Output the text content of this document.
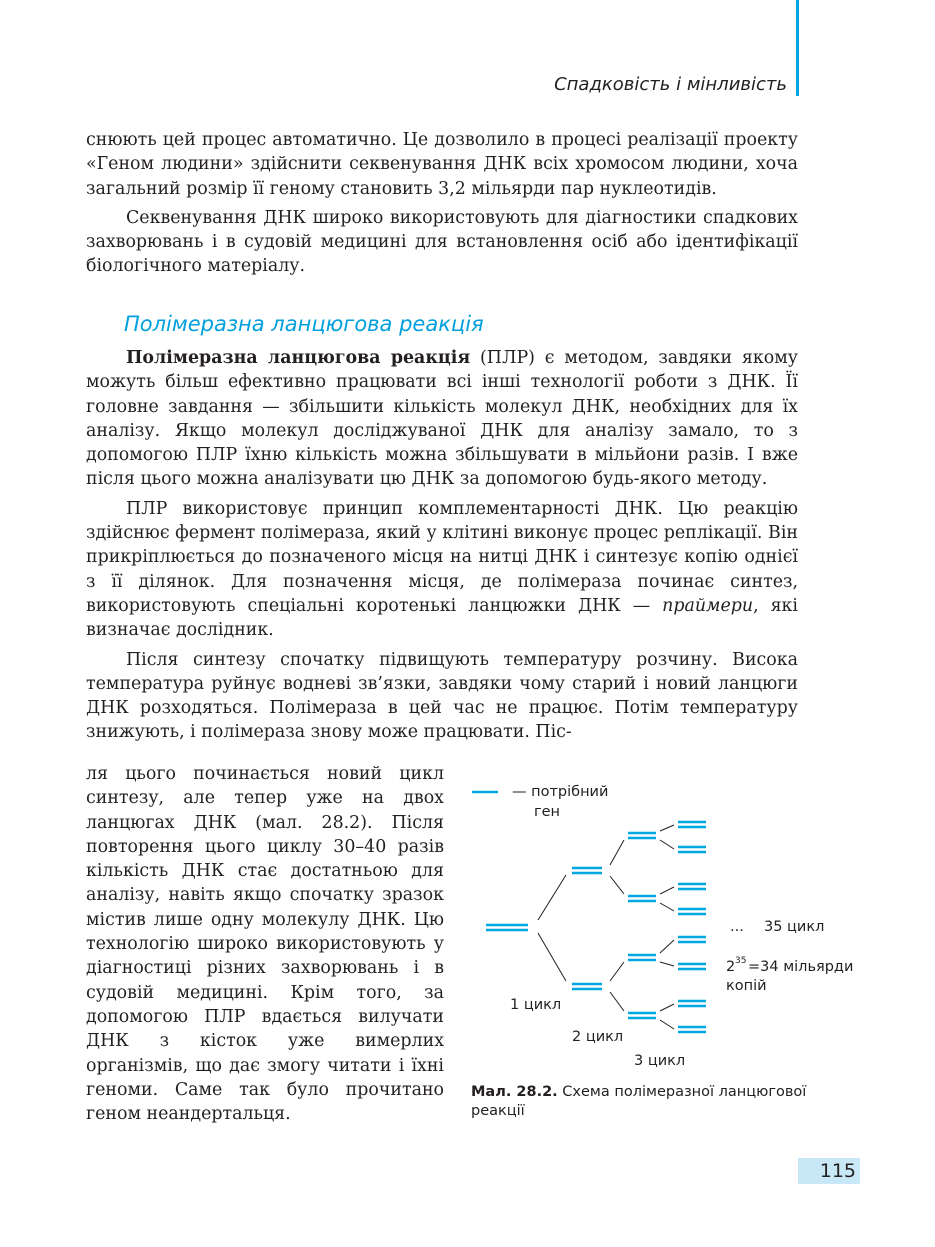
Спадковість і мінливість

снюють цей процес автоматично. Це дозволило в процесі реалізації проекту «Геном людини» здійснити секвенування ДНК всіх хромосом людини, хоча загальний розмір її геному становить 3,2 мільярди пар нуклеотидів.

Секвенування ДНК широко використовують для діагностики спадкових захворювань і в судовій медицині для встановлення осіб або ідентифікації біологічного матеріалу.

Полімеразна ланцюгова реакція

Полімеразна ланцюгова реакція (ПЛР) є методом, завдяки якому можуть більш ефективно працювати всі інші технології роботи з ДНК. Її головне завдання — збільшити кількість молекул ДНК, необхідних для їх аналізу. Якщо молекул досліджуваної ДНК для аналізу замало, то з допомогою ПЛР їхню кількість можна збільшувати в мільйони разів. І вже після цього можна аналізувати цю ДНК за допомогою будь-якого методу.

ПЛР використовує принцип комплементарності ДНК. Цю реакцію здійснює фермент полімераза, який у клітині виконує процес реплікації. Він прикріплюється до позначеного місця на нитці ДНК і синтезує копію однієї з її ділянок. Для позначення місця, де полімераза починає синтез, використовують спеціальні коротенькі ланцюжки ДНК — праймери, які визначає дослідник.

Після синтезу спочатку підвищують температуру розчину. Висока температура руйнує водневі зв’язки, завдяки чому старий і новий ланцюги ДНК розходяться. Полімераза в цей час не працює. Потім температуру знижують, і полімераза знову може працювати. Піс-

ля цього починається новий цикл синтезу, але тепер уже на двох ланцюгах ДНК (мал. 28.2). Після повторення цього циклу 30–40 разів кількість ДНК стає достатньою для аналізу, навіть якщо спочатку зразок містив лише одну молекулу ДНК. Цю технологію широко використовують у діагностиці різних захворювань і в судовій медицині. Крім того, за допомогою ПЛР вдається вилучати ДНК з кісток уже вимерлих організмів, що дає змогу читати і їхні геноми. Саме так було прочитано геном неандертальця.
— потрібний
ген
1 цикл
2 цикл
3 цикл
... 35 цикл
2 35 =34 мільярди
копій
Мал. 28.2. Схема полімеразної ланцюгової реакції
115
